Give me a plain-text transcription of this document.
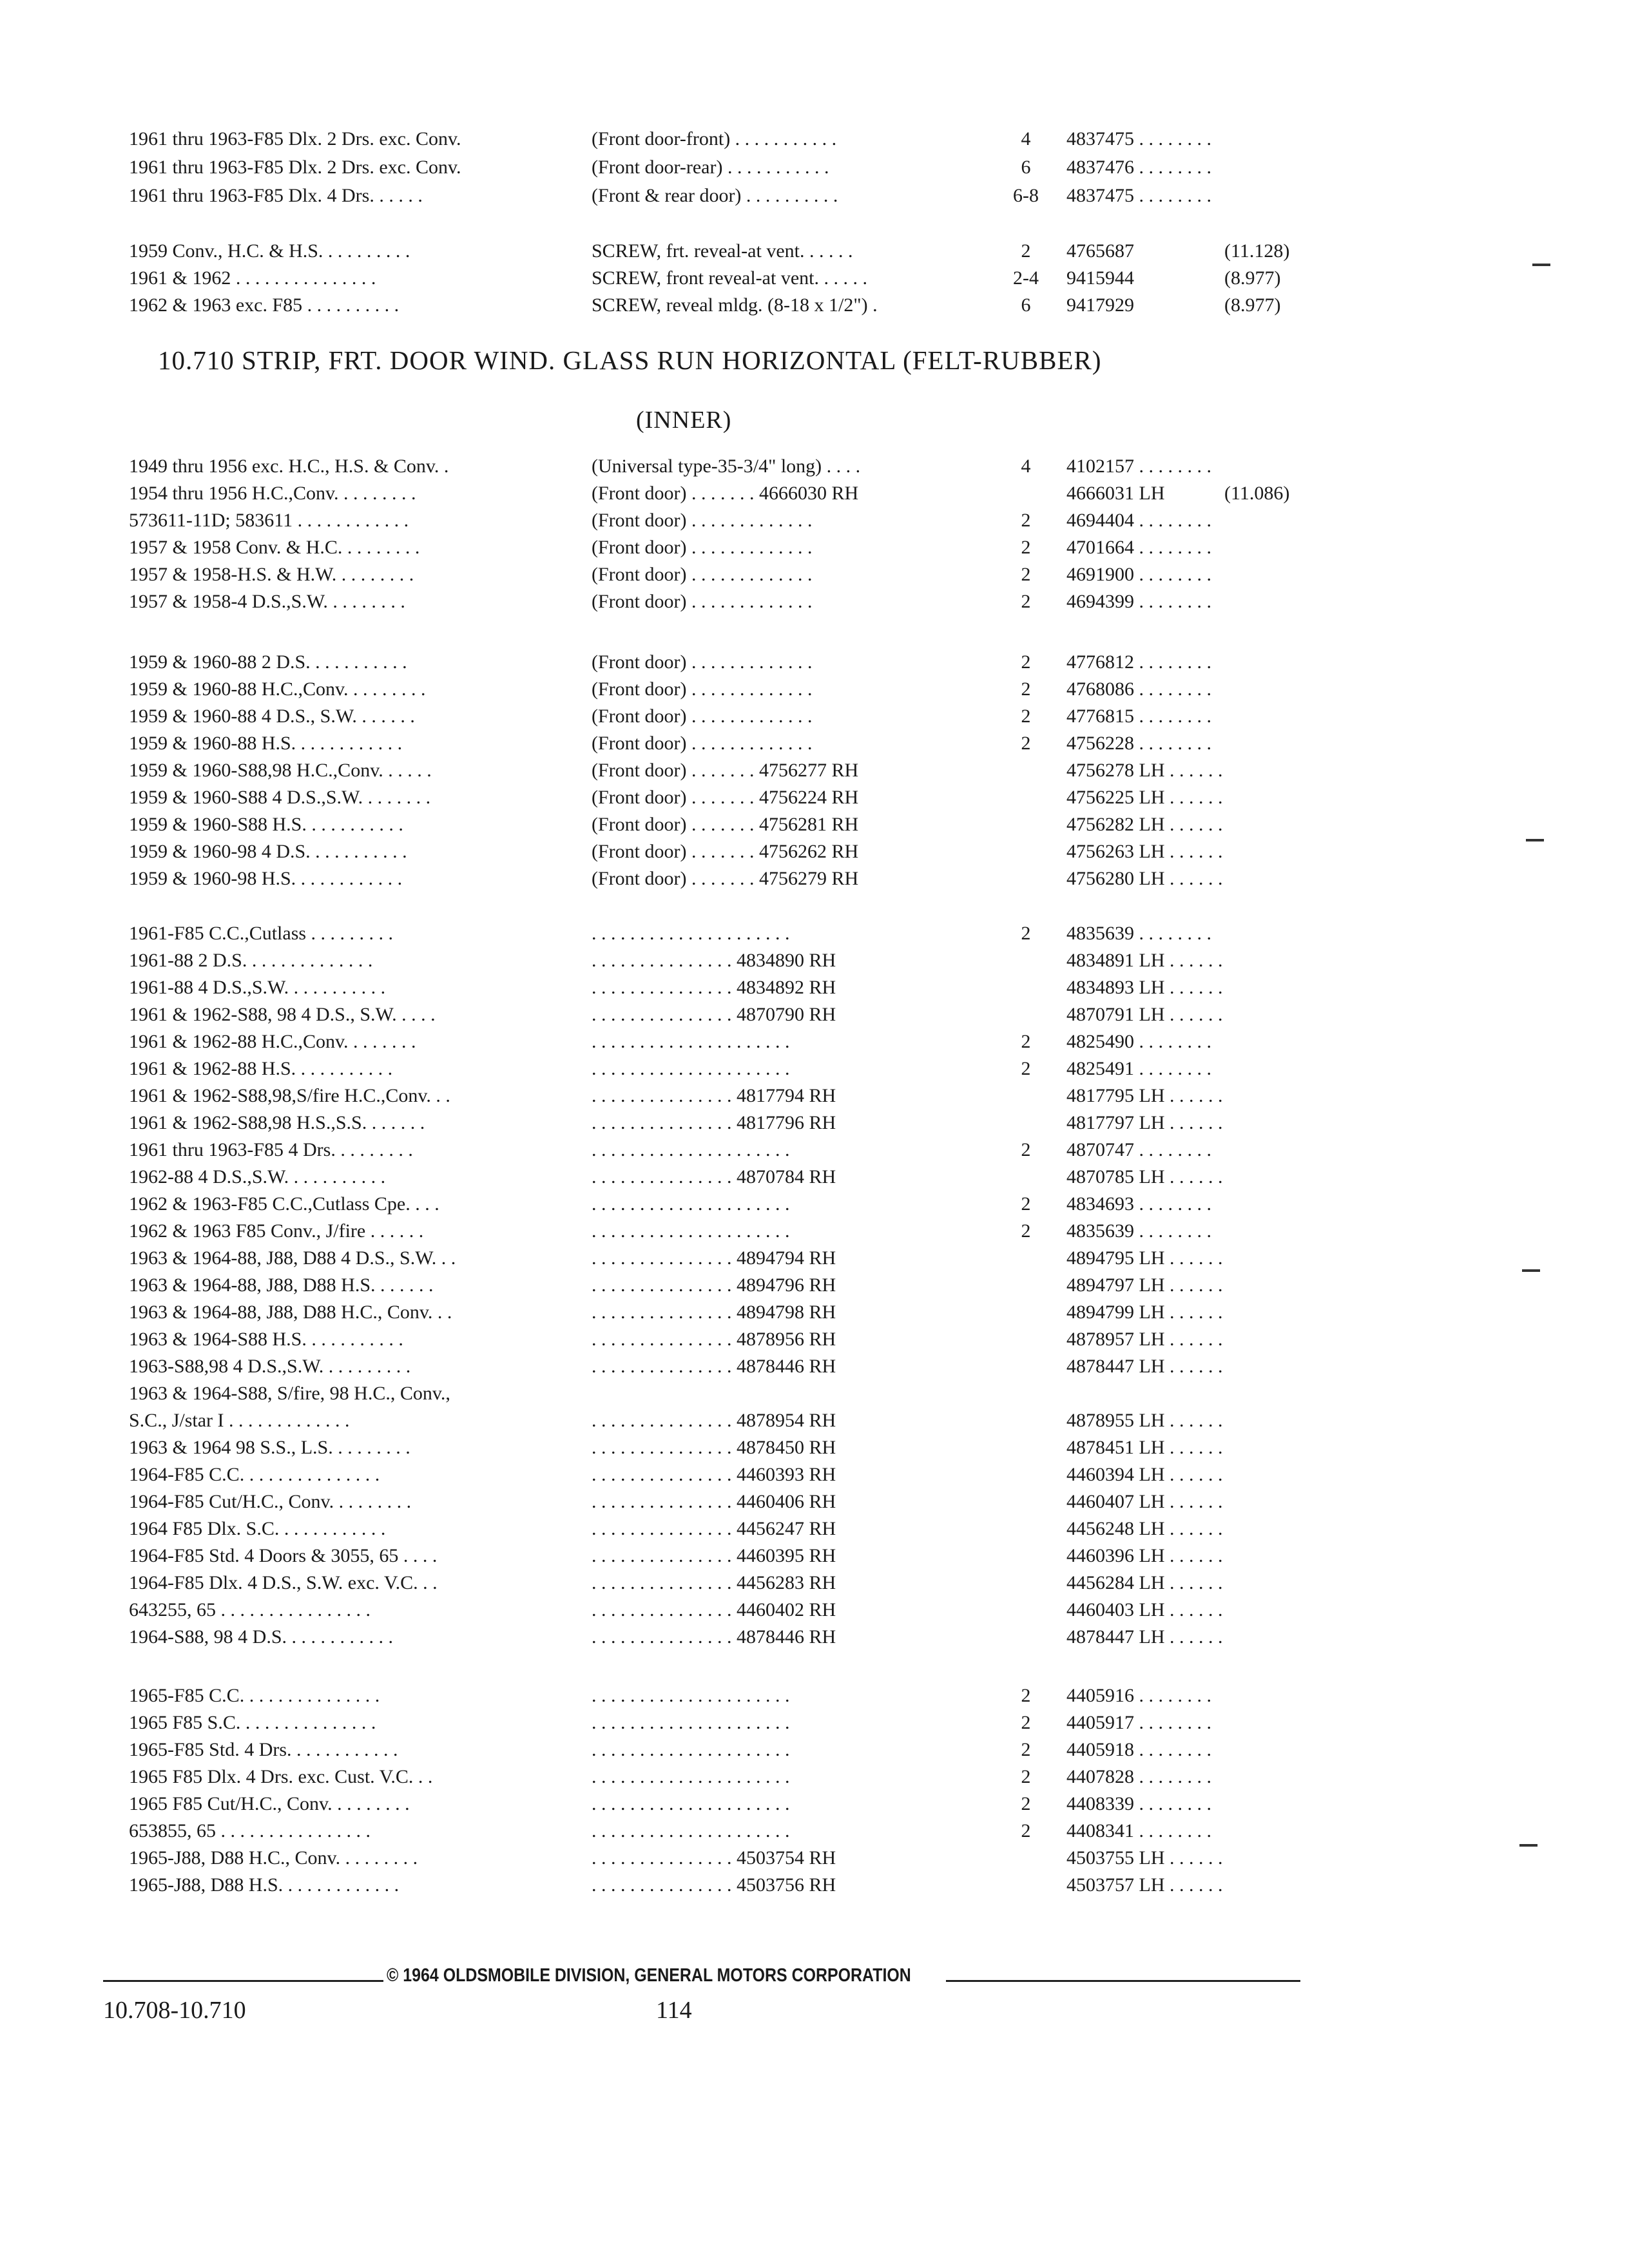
1961 thru 1963-F85 Dlx. 2 Drs. exc. Conv.	(Front door-front) . . . . . . . . . . .	4	4837475 . . . . . . . .
1961 thru 1963-F85 Dlx. 2 Drs. exc. Conv.	(Front door-rear) . . . . . . . . . . .	6	4837476 . . . . . . . .
1961 thru 1963-F85 Dlx. 4 Drs. . . . . .	(Front & rear door) . . . . . . . . . .	6-8 4837475 . . . . . . . .
1959 Conv., H.C. & H.S. . . . . . . . . .	SCREW, frt. reveal-at vent. . . . . .	2	4765687	(11.128)
1961 & 1962 . . . . . . . . . . . . . . .	SCREW, front reveal-at vent. . . . . .	2-4 9415944	(8.977)
1962 & 1963 exc. F85 . . . . . . . . . .	SCREW, reveal mldg. (8-18 x 1/2") .	6	9417929	(8.977)
10.710 STRIP, FRT. DOOR WIND. GLASS RUN HORIZONTAL (FELT-RUBBER)
(INNER)
1949 thru 1956 exc. H.C., H.S. & Conv. .	(Universal type-35-3/4" long) . . . .	4	4102157 . . . . . . . .
1954 thru 1956 H.C.,Conv. . . . . . . . .	(Front door) . . . . . . . 4666030 RH	4666031 LH	(11.086)
573611-11D; 583611 . . . . . . . . . . . .	(Front door) . . . . . . . . . . . . .	2	4694404 . . . . . . . .
1957 & 1958 Conv. & H.C. . . . . . . . .	(Front door) . . . . . . . . . . . . .	2	4701664 . . . . . . . .
1957 & 1958-H.S. & H.W. . . . . . . . .	(Front door) . . . . . . . . . . . . .	2	4691900 . . . . . . . .
1957 & 1958-4 D.S.,S.W. . . . . . . . .	(Front door) . . . . . . . . . . . . .	2	4694399 . . . . . . . .
1959 & 1960-88 2 D.S. . . . . . . . . . .	(Front door) . . . . . . . . . . . . .	2	4776812 . . . . . . . .
1959 & 1960-88 H.C.,Conv. . . . . . . . .	(Front door) . . . . . . . . . . . . .	2	4768086 . . . . . . . .
1959 & 1960-88 4 D.S., S.W. . . . . . .	(Front door) . . . . . . . . . . . . .	2	4776815 . . . . . . . .
1959 & 1960-88 H.S. . . . . . . . . . . .	(Front door) . . . . . . . . . . . . .	2	4756228 . . . . . . . .
1959 & 1960-S88,98 H.C.,Conv. . . . . .	(Front door) . . . . . . . 4756277 RH	4756278 LH . . . . . .
1959 & 1960-S88 4 D.S.,S.W. . . . . . . .	(Front door) . . . . . . . 4756224 RH	4756225 LH . . . . . .
1959 & 1960-S88 H.S. . . . . . . . . . .	(Front door) . . . . . . . 4756281 RH	4756282 LH . . . . . .
1959 & 1960-98 4 D.S. . . . . . . . . . .	(Front door) . . . . . . . 4756262 RH	4756263 LH . . . . . .
1959 & 1960-98 H.S. . . . . . . . . . . .	(Front door) . . . . . . . 4756279 RH	4756280 LH . . . . . .
1961-F85 C.C.,Cutlass . . . . . . . . .	. . . . . . . . . . . . . . . . . . . . .	2	4835639 . . . . . . . .
1961-88 2 D.S. . . . . . . . . . . . . .	. . . . . . . . . . . . . . . 4834890 RH	4834891 LH . . . . . .
1961-88 4 D.S.,S.W. . . . . . . . . . .	. . . . . . . . . . . . . . . 4834892 RH	4834893 LH . . . . . .
1961 & 1962-S88, 98 4 D.S., S.W. . . . .	. . . . . . . . . . . . . . . 4870790 RH	4870791 LH . . . . . .
1961 & 1962-88 H.C.,Conv. . . . . . . .	. . . . . . . . . . . . . . . . . . . . .	2	4825490 . . . . . . . .
1961 & 1962-88 H.S. . . . . . . . . . .	. . . . . . . . . . . . . . . . . . . . .	2	4825491 . . . . . . . .
1961 & 1962-S88,98,S/fire H.C.,Conv. . .	. . . . . . . . . . . . . . . 4817794 RH	4817795 LH . . . . . .
1961 & 1962-S88,98 H.S.,S.S. . . . . . .	. . . . . . . . . . . . . . . 4817796 RH	4817797 LH . . . . . .
1961 thru 1963-F85 4 Drs. . . . . . . . .	. . . . . . . . . . . . . . . . . . . . .	2	4870747 . . . . . . . .
1962-88 4 D.S.,S.W. . . . . . . . . . .	. . . . . . . . . . . . . . . 4870784 RH	4870785 LH . . . . . .
1962 & 1963-F85 C.C.,Cutlass Cpe. . . .	. . . . . . . . . . . . . . . . . . . . .	2	4834693 . . . . . . . .
1962 & 1963 F85 Conv., J/fire . . . . . .	. . . . . . . . . . . . . . . . . . . . .	2	4835639 . . . . . . . .
1963 & 1964-88, J88, D88 4 D.S., S.W. . .	. . . . . . . . . . . . . . . 4894794 RH	4894795 LH . . . . . .
1963 & 1964-88, J88, D88 H.S. . . . . . .	. . . . . . . . . . . . . . . 4894796 RH	4894797 LH . . . . . .
1963 & 1964-88, J88, D88 H.C., Conv. . .	. . . . . . . . . . . . . . . 4894798 RH	4894799 LH . . . . . .
1963 & 1964-S88 H.S. . . . . . . . . . .	. . . . . . . . . . . . . . . 4878956 RH	4878957 LH . . . . . .
1963-S88,98 4 D.S.,S.W. . . . . . . . . .	. . . . . . . . . . . . . . . 4878446 RH	4878447 LH . . . . . .
1963 & 1964-S88, S/fire, 98 H.C., Conv.,
S.C., J/star I . . . . . . . . . . . . .	. . . . . . . . . . . . . . . 4878954 RH	4878955 LH . . . . . .
1963 & 1964 98 S.S., L.S. . . . . . . . .	. . . . . . . . . . . . . . . 4878450 RH	4878451 LH . . . . . .
1964-F85 C.C. . . . . . . . . . . . . . .	. . . . . . . . . . . . . . . 4460393 RH	4460394 LH . . . . . .
1964-F85 Cut/H.C., Conv. . . . . . . . .	. . . . . . . . . . . . . . . 4460406 RH	4460407 LH . . . . . .
1964 F85 Dlx. S.C. . . . . . . . . . . .	. . . . . . . . . . . . . . . 4456247 RH	4456248 LH . . . . . .
1964-F85 Std. 4 Doors & 3055, 65 . . . .	. . . . . . . . . . . . . . . 4460395 RH	4460396 LH . . . . . .
1964-F85 Dlx. 4 D.S., S.W. exc. V.C. . .	. . . . . . . . . . . . . . . 4456283 RH	4456284 LH . . . . . .
643255, 65 . . . . . . . . . . . . . . . .	. . . . . . . . . . . . . . . 4460402 RH	4460403 LH . . . . . .
1964-S88, 98 4 D.S. . . . . . . . . . . .	. . . . . . . . . . . . . . . 4878446 RH	4878447 LH . . . . . .
1965-F85 C.C. . . . . . . . . . . . . . .	. . . . . . . . . . . . . . . . . . . . .	2	4405916 . . . . . . . .
1965 F85 S.C. . . . . . . . . . . . . . .	. . . . . . . . . . . . . . . . . . . . .	2	4405917 . . . . . . . .
1965-F85 Std. 4 Drs. . . . . . . . . . . .	. . . . . . . . . . . . . . . . . . . . .	2	4405918 . . . . . . . .
1965 F85 Dlx. 4 Drs. exc. Cust. V.C. . .	. . . . . . . . . . . . . . . . . . . . .	2	4407828 . . . . . . . .
1965 F85 Cut/H.C., Conv. . . . . . . . .	. . . . . . . . . . . . . . . . . . . . .	2	4408339 . . . . . . . .
653855, 65 . . . . . . . . . . . . . . . .	. . . . . . . . . . . . . . . . . . . . .	2	4408341 . . . . . . . .
1965-J88, D88 H.C., Conv. . . . . . . . .	. . . . . . . . . . . . . . . 4503754 RH	4503755 LH . . . . . .
1965-J88, D88 H.S. . . . . . . . . . . . .	. . . . . . . . . . . . . . . 4503756 RH	4503757 LH . . . . . .
© 1964 OLDSMOBILE DIVISION, GENERAL MOTORS CORPORATION
10.708-10.710	114
